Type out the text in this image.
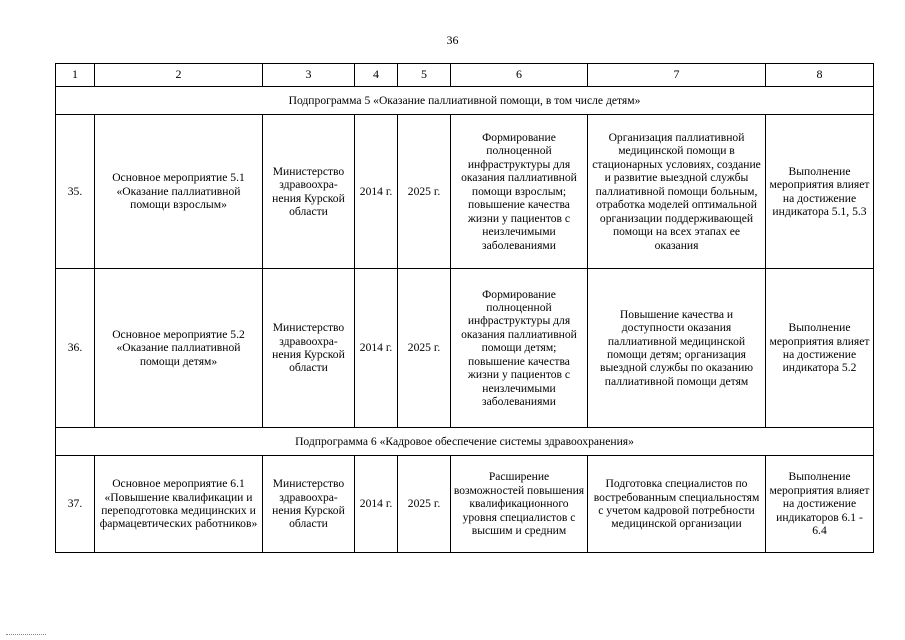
36
1	2	3	4	5	6	7	8
Подпрограмма 5 «Оказание паллиативной помощи, в том числе детям»							
35.	Основное мероприятие 5.1 «Оказание паллиативной помощи взрослым»	Министерство здравоохра-нения Курской области	2014 г.	2025 г.	Формирование полноценной инфраструктуры для оказания паллиативной помощи взрослым; повышение качества жизни у пациентов с неизлечимыми заболеваниями	Организация паллиативной медицинской помощи в стационарных условиях, создание и развитие выездной службы паллиативной помощи больным, отработка моделей оптимальной организации поддерживающей помощи на всех этапах ее оказания	Выполнение мероприятия влияет на достижение индикатора 5.1, 5.3
36.	Основное мероприятие 5.2 «Оказание паллиативной помощи детям»	Министерство здравоохра-нения Курской области	2014 г.	2025 г.	Формирование полноценной инфраструктуры для оказания паллиативной помощи детям; повышение качества жизни у пациентов с неизлечимыми заболеваниями	Повышение качества и доступности оказания паллиативной медицинской помощи детям; организация выездной службы по оказанию паллиативной помощи детям	Выполнение мероприятия влияет на достижение индикатора 5.2
Подпрограмма 6 «Кадровое обеспечение системы здравоохранения»							
37.	Основное мероприятие 6.1 «Повышение квалификации и переподготовка медицинских и фармацевтических работников»	Министерство здравоохра-нения Курской области	2014 г.	2025 г.	Расширение возможностей повышения квалификационного уровня специалистов с высшим и средним	Подготовка специалистов по востребованным специальностям с учетом кадровой потребности медицинской организации	Выполнение мероприятия влияет на достижение индикаторов 6.1 - 6.4
